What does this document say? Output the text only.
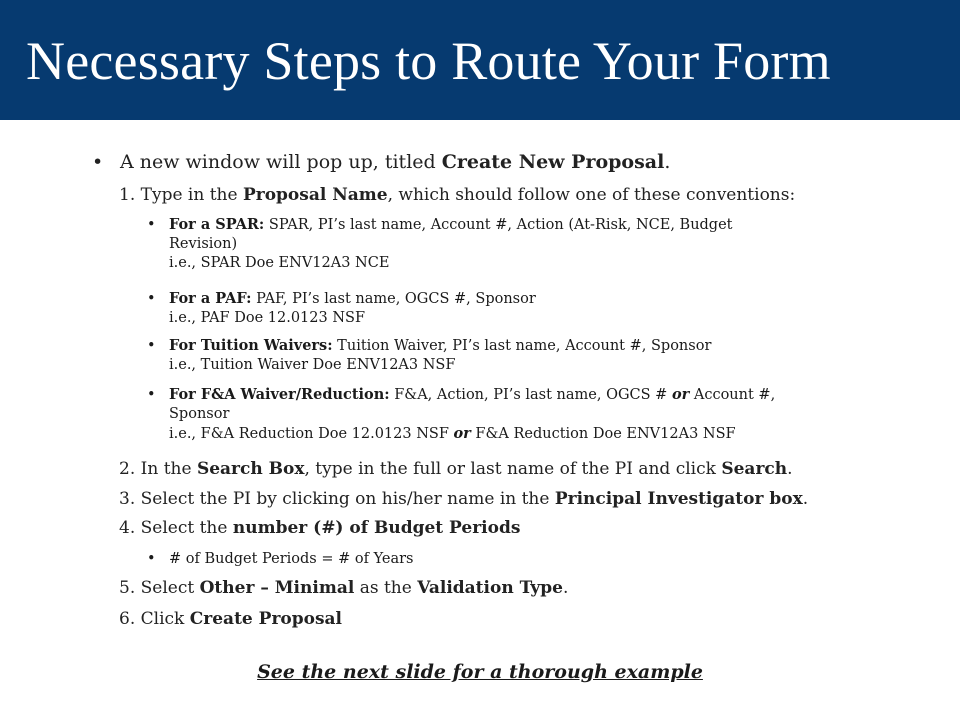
Necessary Steps to Route Your Form
• A new window will pop up, titled Create New Proposal.
1. Type in the Proposal Name, which should follow one of these conventions:
• For a SPAR: SPAR, PI’s last name, Account #, Action (At-Risk, NCE, Budget
Revision)
i.e., SPAR Doe ENV12A3 NCE
• For a PAF: PAF, PI’s last name, OGCS #, Sponsor
i.e., PAF Doe 12.0123 NSF
• For Tuition Waivers: Tuition Waiver, PI’s last name, Account #, Sponsor
i.e., Tuition Waiver Doe ENV12A3 NSF
• For F&A Waiver/Reduction: F&A, Action, PI’s last name, OGCS # or Account #,
Sponsor
i.e., F&A Reduction Doe 12.0123 NSF or F&A Reduction Doe ENV12A3 NSF
2. In the Search Box, type in the full or last name of the PI and click Search.
3. Select the PI by clicking on his/her name in the Principal Investigator box.
4. Select the number (#) of Budget Periods
• # of Budget Periods = # of Years
5. Select Other – Minimal as the Validation Type.
6. Click Create Proposal
See the next slide for a thorough example
